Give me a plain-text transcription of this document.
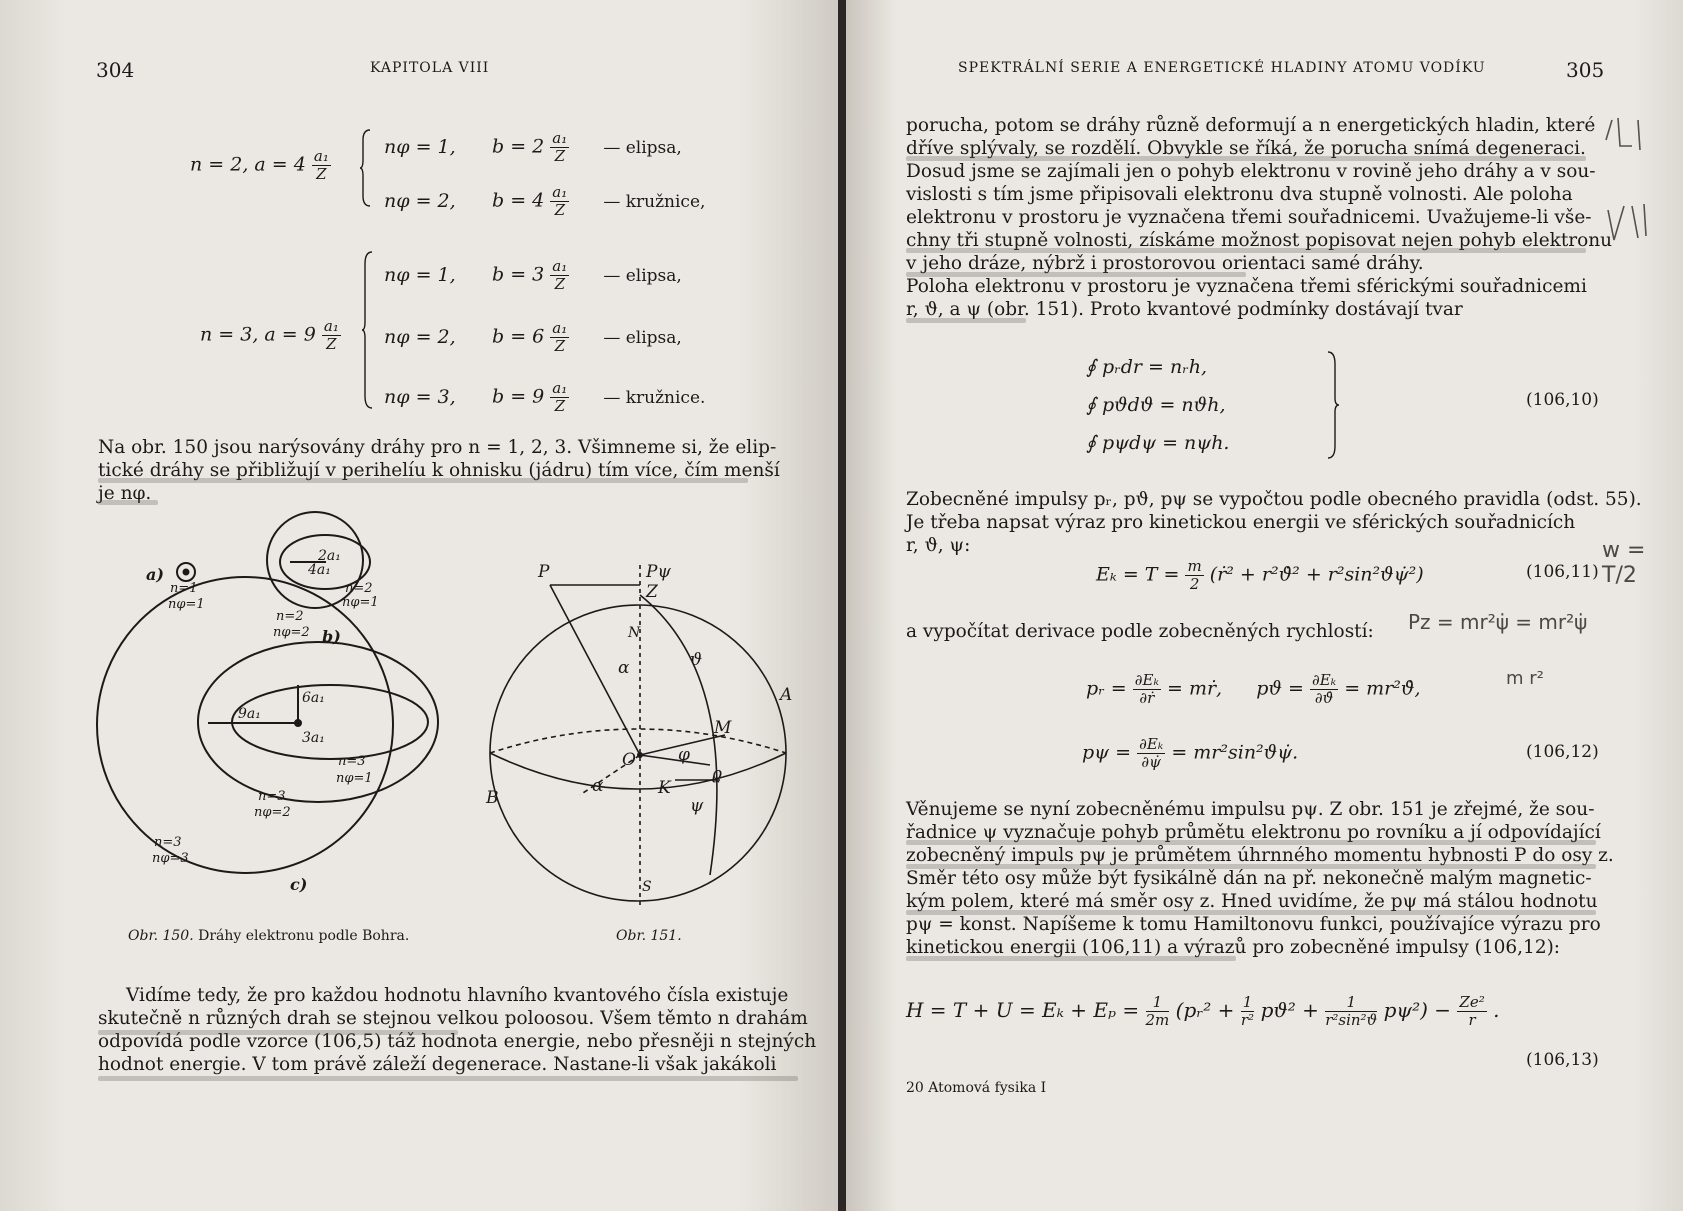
304	KAPITOLA VIII
n = 2, $a = 4 \frac{\text{a₁}}{Z}$
nφ = 1, $b = 2 \frac{\text{a₁}}{Z}$ — elipsa,
nφ = 2, $b = 4 \frac{\text{a₁}}{Z}$ — kružnice,
n = 3, $a = 9 \frac{\text{a₁}}{Z}$
nφ = 1, $b = 3 \frac{\text{a₁}}{Z}$ — elipsa,
nφ = 2, $b = 6 \frac{\text{a₁}}{Z}$ — elipsa,
nφ = 3, $b = 9 \frac{\text{a₁}}{Z}$ — kružnice.
Na obr. 150 jsou narýsovány dráhy pro n = 1, 2, 3. Všimneme si, že elip-
tické dráhy se přibližují v perihelíu k ohnisku (jádru) tím více, čím menší
je nφ.
a)
n=1
nφ=1
2a₁
4a₁
n=2
nφ=1
n=2
nφ=2 b)
6a₁
3a₁
9a₁
n=3
nφ=1
n=3
nφ=2
n=3
nφ=3
c)
P	Pψ
Z
N
α	ϑ
A
O
M
φ
B
α	K
ϱ
ψ
S
Obr. 150. Dráhy elektronu podle Bohra.	Obr. 151.
Vidíme tedy, že pro každou hodnotu hlavního kvantového čísla existuje
skutečně n různých drah se stejnou velkou poloosou. Všem těmto n drahám
odpovídá podle vzorce (106,5) táž hodnota energie, nebo přesněji n stejných
hodnot energie. V tom právě záleží degenerace. Nastane-li však jakákoli
SPEKTRÁLNÍ SERIE A ENERGETICKÉ HLADINY ATOMU VODÍKU	305
porucha, potom se dráhy různě deformují a n energetických hladin, které
dříve splývaly, se rozdělí. Obvykle se říká, že porucha snímá degeneraci.
Dosud jsme se zajímali jen o pohyb elektronu v rovině jeho dráhy a v sou-
vislosti s tím jsme připisovali elektronu dva stupně volnosti. Ale poloha
elektronu v prostoru je vyznačena třemi souřadnicemi. Uvažujeme-li vše-
chny tři stupně volnosti, získáme možnost popisovat nejen pohyb elektronu
v jeho dráze, nýbrž i prostorovou orientaci samé dráhy.
Poloha elektronu v prostoru je vyznačena třemi sférickými souřadnicemi
r, ϑ, a ψ (obr. 151). Proto kvantové podmínky dostávají tvar
∮ pᵣdr = nᵣh,
∮ pϑdϑ = nϑh,
∮ pψdψ = nψh.
(106,10)
Zobecněné impulsy pᵣ, pϑ, pψ se vypočtou podle obecného pravidla (odst. 55).
Je třeba napsat výraz pro kinetickou energii ve sférických souřadnicích
r, ϑ, ψ:
$E_k = T = \frac{m}{2}$ (ṙ² + r²ϑ̇² + r²sin²ϑψ̇²)	(106,11)
a vypočítat derivace podle zobecněných rychlostí:
pᵣ = $\frac{\text{∂Eₖ}}{\text{∂ṙ}}$ = mṙ, $pϑ = \frac{\text{∂Eₖ}}{\partial ϑ̇}$ = mr²ϑ̇,
$p\psi = \frac{\text{∂Eₖ}}{\partial\psi̇}$ = mr²sin²ϑψ̇.	(106,12)
Věnujeme se nyní zobecněnému impulsu pψ. Z obr. 151 je zřejmé, že sou-
řadnice ψ vyznačuje pohyb průmětu elektronu po rovníku a jí odpovídající
zobecněný impuls pψ je průmětem úhrnného momentu hybnosti P do osy z.
Směr této osy může být fysikálně dán na př. nekonečně malým magnetic-
kým polem, které má směr osy z. Hned uvidíme, že pψ má stálou hodnotu
pψ = konst. Napíšeme k tomu Hamiltonovu funkci, používajíce výrazu pro
kinetickou energii (106,11) a výrazů pro zobecněné impulsy (106,12):
$H = T + U = E_k + E_p = \frac{1}{2m}$ (pᵣ² + $\frac{1}{\text{r²}} pϑ^2 + \frac{1}{\text{r²sin²ϑ}} p\psi^2) - \frac{\text{Ze²}}{r}$ .
(106,13)
20 Atomová fysika I
w = T/2
Pz = mr²ψ̇ = mr²ψ̇
m r²
